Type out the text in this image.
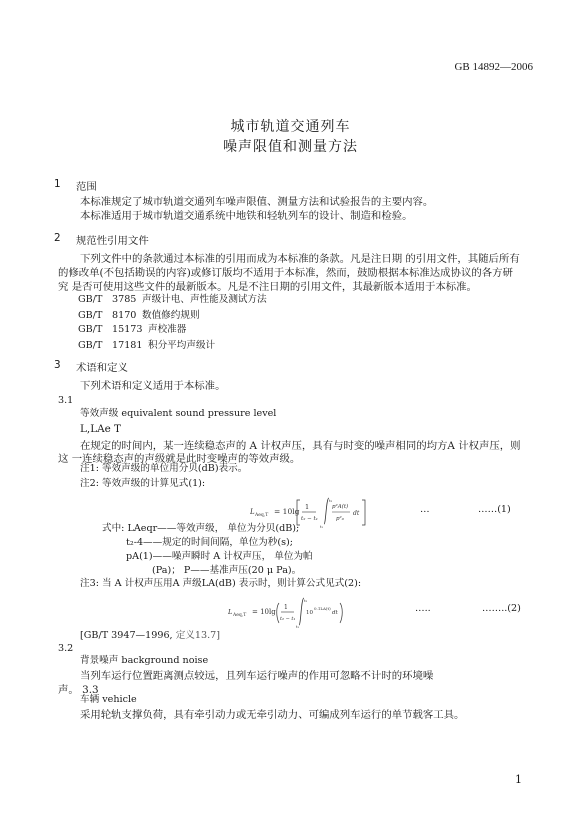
GB 14892—2006
城市轨道交通列车
噪声限值和测量方法
1 范围
本标准规定了城市轨道交通列车噪声限值、测量方法和试验报告的主要内容。
本标准适用于城市轨道交通系统中地铁和轻轨列车的设计、制造和检验。
2 规范性引用文件
下列文件中的条款通过本标准的引用而成为本标准的条款。凡是注日期 的引用文件，其随后所有
的修改单(不包括勘误的内容)或修订版均不适用于本标准，然而，鼓励根据本标准达成协议的各方研
究 是否可使用这些文件的最新版本。凡是不注日期的引用文件，其最新版本适用于本标准。
GB/T 3785 声级计电、声性能及测试方法
GB/T 8170 数值修约规则
GB/T 15173 声校准器
GB/T 17181 积分平均声级计
3 术语和定义
下列术语和定义适用于本标准。
3.1
等效声级 equivalent sound pressure level
L,LAe T
在规定的时间内，某一连续稳态声的 A 计权声压，具有与时变的噪声相同的均方A 计权声压，则
这 一连续稳态声的声级就是此时变噪声的等效声级。
注1: 等效声级的单位用分贝(dB)表示。
注2: 等效声级的计算见式(1):
L Aeq,T = 10lg 1
t₂ − t₁
t₂
t₁
p²A(t)
p²₀
dt	…	……(1)
式中: LAeqr——等效声级， 单位为分贝(dB);
t₂-4——规定的时间间隔，单位为秒(s);
pA(1)——噪声瞬时 A 计权声压， 单位为帕
(Pa)； P——基准声压(20 μ Pa)。
注3: 当 A 计权声压用A 声级LA(dB) 表示时，则计算公式见式(2):
L Aeq,T = 10lg
1
t₂ − t₁
t₂
t₁
10
0.1LA(t)
dt	…..	……..(2)
[GB/T 3947—1996, 定义13.7]
3.2
背景噪声 background noise
当列车运行位置距离测点较远，且列车运行噪声的作用可忽略不计时的环境噪
声。 3.3
车辆 vehicle
采用轮轨支撑负荷，具有牵引动力或无牵引动力、可编成列车运行的单节载客工具。
1
